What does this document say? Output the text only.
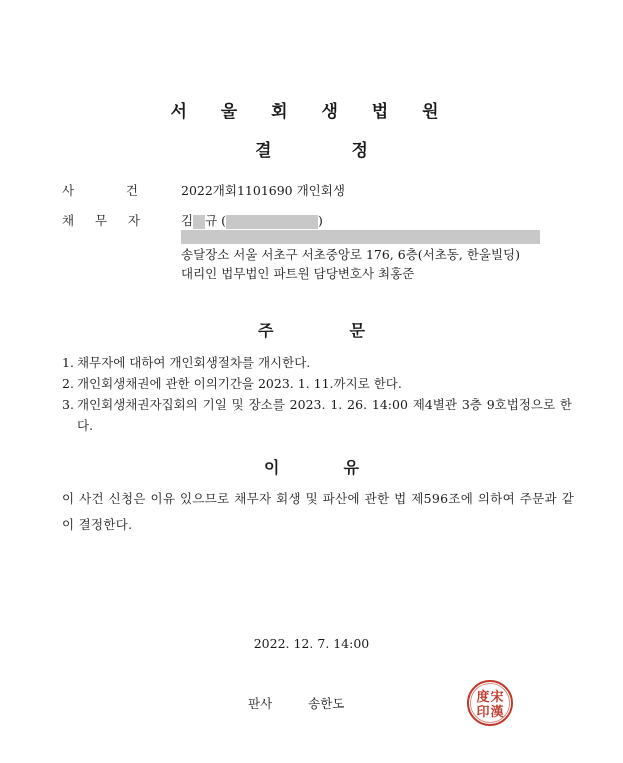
서 울 회 생 법 원
결정
사	건	2022개회1101690 개인회생
채 무 자	김 규 (	)
송달장소 서울 서초구 서초중앙로 176, 6층(서초동, 한울빌딩)
대리인 법무법인 파트원 담당변호사 최홍준
주	문
1. 채무자에 대하여 개인회생절차를 개시한다.
2. 개인회생채권에 관한 이의기간을 2023. 1. 11.까지로 한다.
3. 개인회생채권자집회의 기일 및 장소를 2023. 1. 26. 14:00 제4별관 3층 9호법정으로 한다.
이	유
이 사건 신청은 이유 있으므로 채무자 회생 및 파산에 관한 법 제596조에 의하여 주문과 같이 결정한다.
2022. 12. 7. 14:00
판사	송한도	宋
漢
度
印
